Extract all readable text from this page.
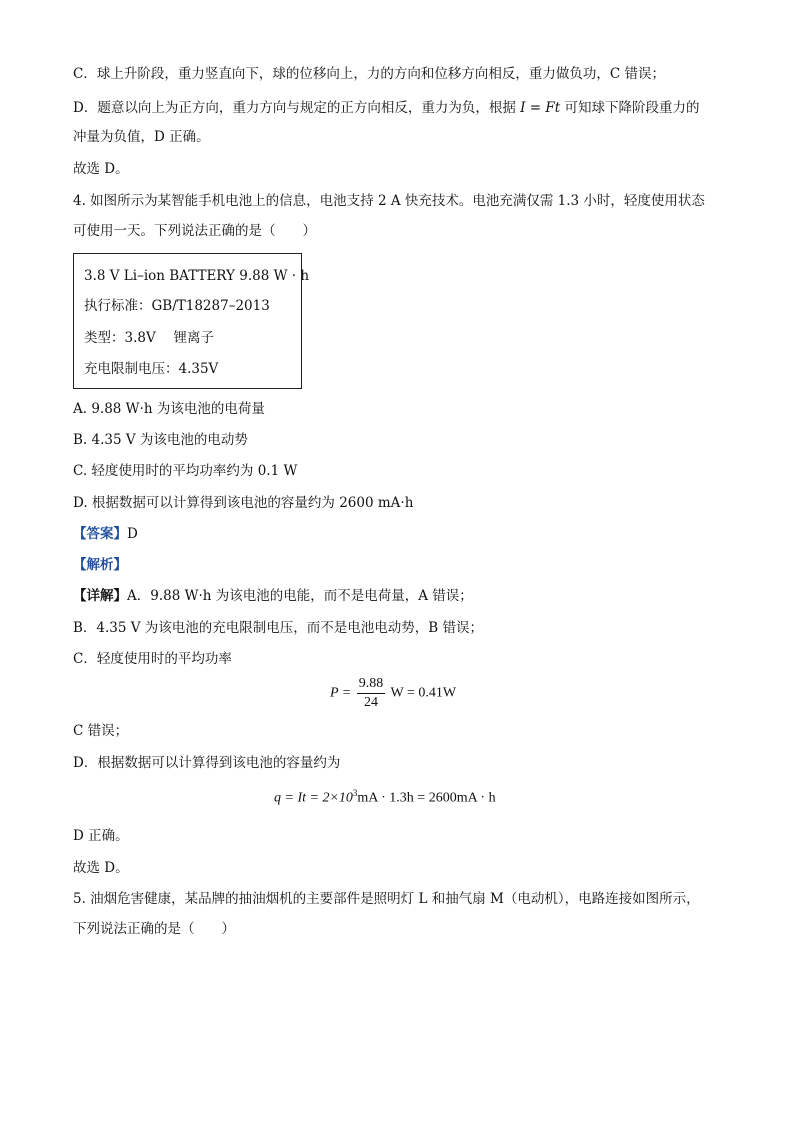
C．球上升阶段，重力竖直向下，球的位移向上，力的方向和位移方向相反，重力做负功，C 错误；
D．题意以向上为正方向，重力方向与规定的正方向相反，重力为负，根据 I = Ft 可知球下降阶段重力的
冲量为负值，D 正确。
故选 D。
4. 如图所示为某智能手机电池上的信息，电池支持 2 A 快充技术。电池充满仅需 1.3 小时，轻度使用状态
可使用一天。下列说法正确的是（　　）
3.8 V Li–ion BATTERY 9.88 W · h
执行标准：GB/T18287–2013
类型：3.8V　 锂离子
充电限制电压：4.35V
A. 9.88 W·h 为该电池的电荷量
B. 4.35 V 为该电池的电动势
C. 轻度使用时的平均功率约为 0.1 W
D. 根据数据可以计算得到该电池的容量约为 2600 mA·h
【答案】D
【解析】
【详解】A．9.88 W·h 为该电池的电能，而不是电荷量，A 错误；
B．4.35 V 为该电池的充电限制电压，而不是电池电动势，B 错误；
C．轻度使用时的平均功率
$P = \frac{9.88}{24}$ W = 0.41W
C 错误；
D．根据数据可以计算得到该电池的容量约为
$q = It = 2\times 10^3mA \cdot 1.3h = 2600mA \cdot h$
D 正确。
故选 D。
5. 油烟危害健康，某品牌的抽油烟机的主要部件是照明灯 L 和抽气扇 M（电动机），电路连接如图所示，
下列说法正确的是（　　）
